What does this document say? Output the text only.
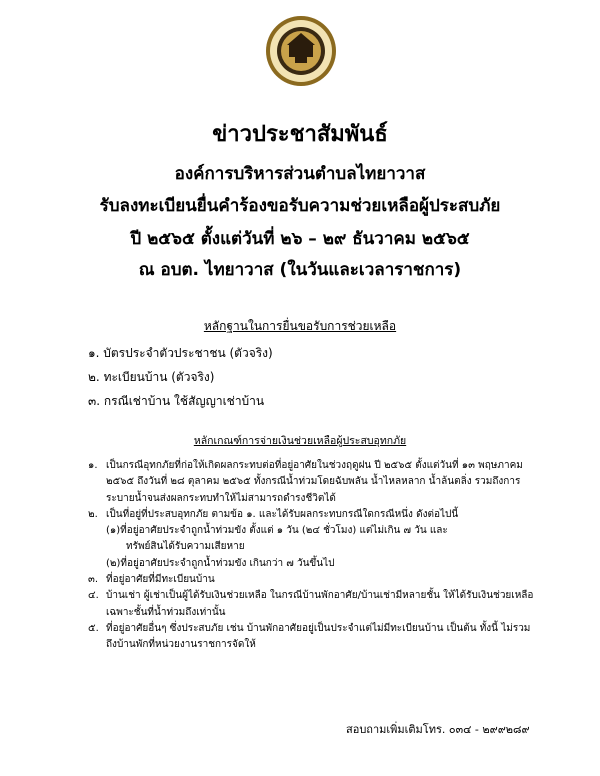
ข่าวประชาสัมพันธ์
องค์การบริหารส่วนตำบลไทยาวาส
รับลงทะเบียนยื่นคำร้องขอรับความช่วยเหลือผู้ประสบภัย
ปี ๒๕๖๕ ตั้งแต่วันที่ ๒๖ – ๒๙ ธันวาคม ๒๕๖๕
ณ อบต. ไทยาวาส (ในวันและเวลาราชการ)
หลักฐานในการยื่นขอรับการช่วยเหลือ
๑. บัตรประจำตัวประชาชน (ตัวจริง)
๒. ทะเบียนบ้าน (ตัวจริง)
๓. กรณีเช่าบ้าน ใช้สัญญาเช่าบ้าน
หลักเกณฑ์การจ่ายเงินช่วยเหลือผู้ประสบอุทกภัย
๑. เป็นกรณีอุทกภัยที่ก่อให้เกิดผลกระทบต่อที่อยู่อาศัยในช่วงฤดูฝน ปี ๒๕๖๕ ตั้งแต่วันที่ ๑๓ พฤษภาคม ๒๕๖๕ ถึงวันที่ ๒๘ ตุลาคม ๒๕๖๕ ทั้งกรณีน้ำท่วมโดยฉับพลัน น้ำไหลหลาก น้ำล้นตลิ่ง รวมถึงการระบายน้ำจนส่งผลกระทบทำให้ไม่สามารถดำรงชีวิตได้
๒. เป็นที่อยู่ที่ประสบอุทกภัย ตามข้อ ๑. และได้รับผลกระทบกรณีใดกรณีหนึ่ง ดังต่อไปนี้
(๑)ที่อยู่อาศัยประจำถูกน้ำท่วมขัง ตั้งแต่ ๑ วัน (๒๔ ชั่วโมง) แต่ไม่เกิน ๗ วัน และ
ทรัพย์สินได้รับความเสียหาย
(๒)ที่อยู่อาศัยประจำถูกน้ำท่วมขัง เกินกว่า ๗ วันขึ้นไป
๓. ที่อยู่อาศัยที่มีทะเบียนบ้าน
๔. บ้านเช่า ผู้เช่าเป็นผู้ได้รับเงินช่วยเหลือ ในกรณีบ้านพักอาศัย/บ้านเช่ามีหลายชั้น ให้ได้รับเงินช่วยเหลือเฉพาะชั้นที่น้ำท่วมถึงเท่านั้น
๕. ที่อยู่อาศัยอื่นๆ ซึ่งประสบภัย เช่น บ้านพักอาศัยอยู่เป็นประจำแต่ไม่มีทะเบียนบ้าน เป็นต้น ทั้งนี้ ไม่รวมถึงบ้านพักที่หน่วยงานราชการจัดให้
สอบถามเพิ่มเติมโทร. ๐๓๔ - ๒๙๙๒๘๙
